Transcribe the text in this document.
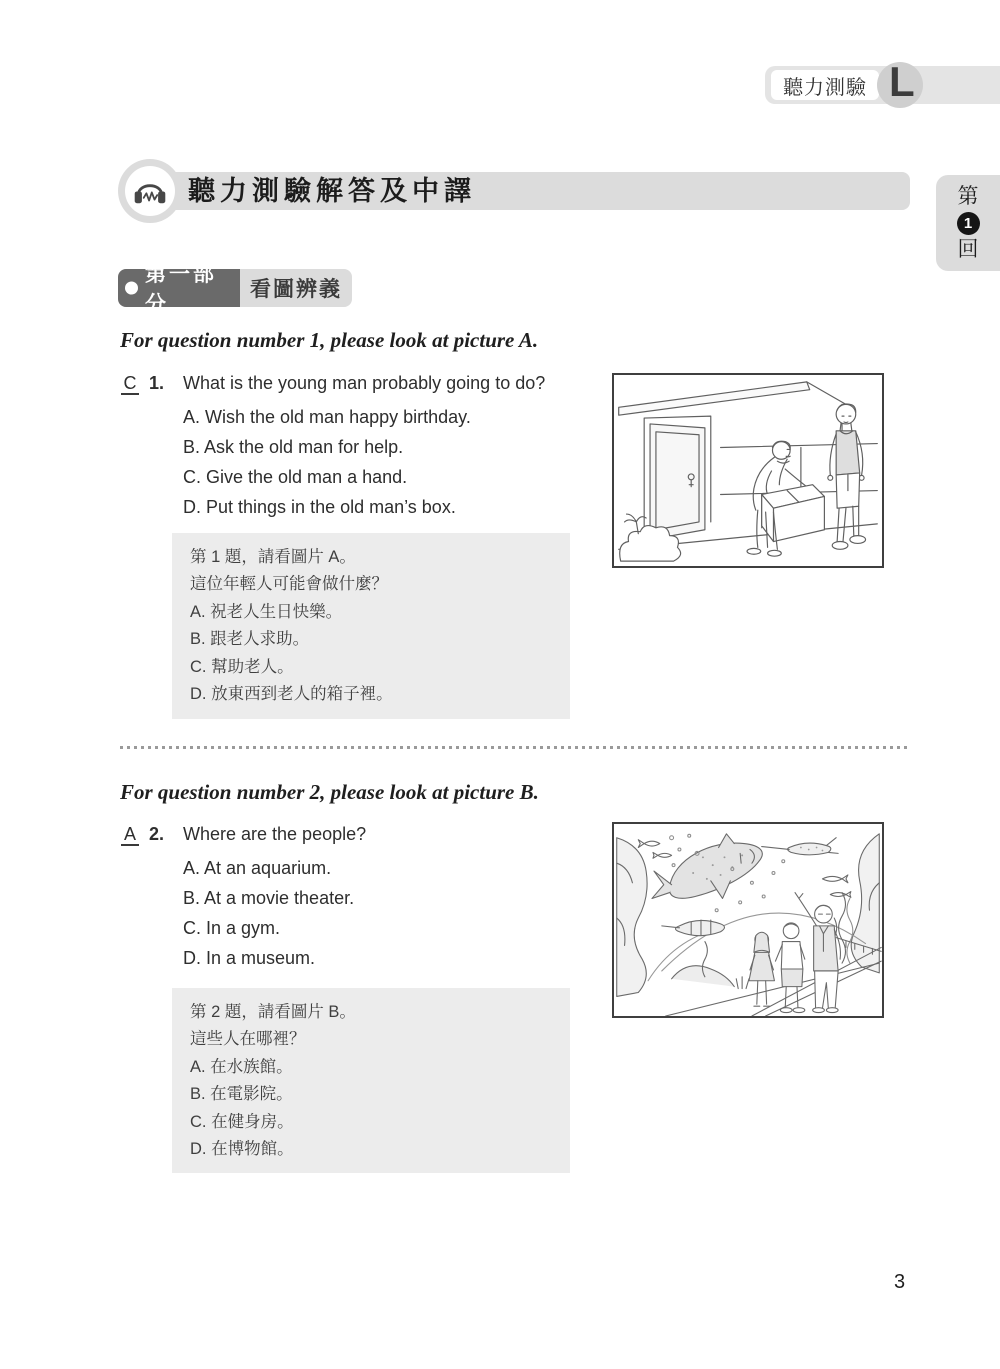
聽力測驗 L
聽力測驗解答及中譯	第
1
回
第一部分
看圖辨義
For question number 1, please look at picture A.
C 1.	What is the young man probably going to do?
A. Wish the old man happy birthday.
B. Ask the old man for help.
C. Give the old man a hand.
D. Put things in the old man’s box.
第 1 題，請看圖片 A。
這位年輕人可能會做什麼？
A. 祝老人生日快樂。
B. 跟老人求助。
C. 幫助老人。
D. 放東西到老人的箱子裡。
For question number 2, please look at picture B.
A 2.	Where are the people?
A. At an aquarium.
B. At a movie theater.
C. In a gym.
D. In a museum.
第 2 題，請看圖片 B。
這些人在哪裡？
A. 在水族館。
B. 在電影院。
C. 在健身房。
D. 在博物館。
3
